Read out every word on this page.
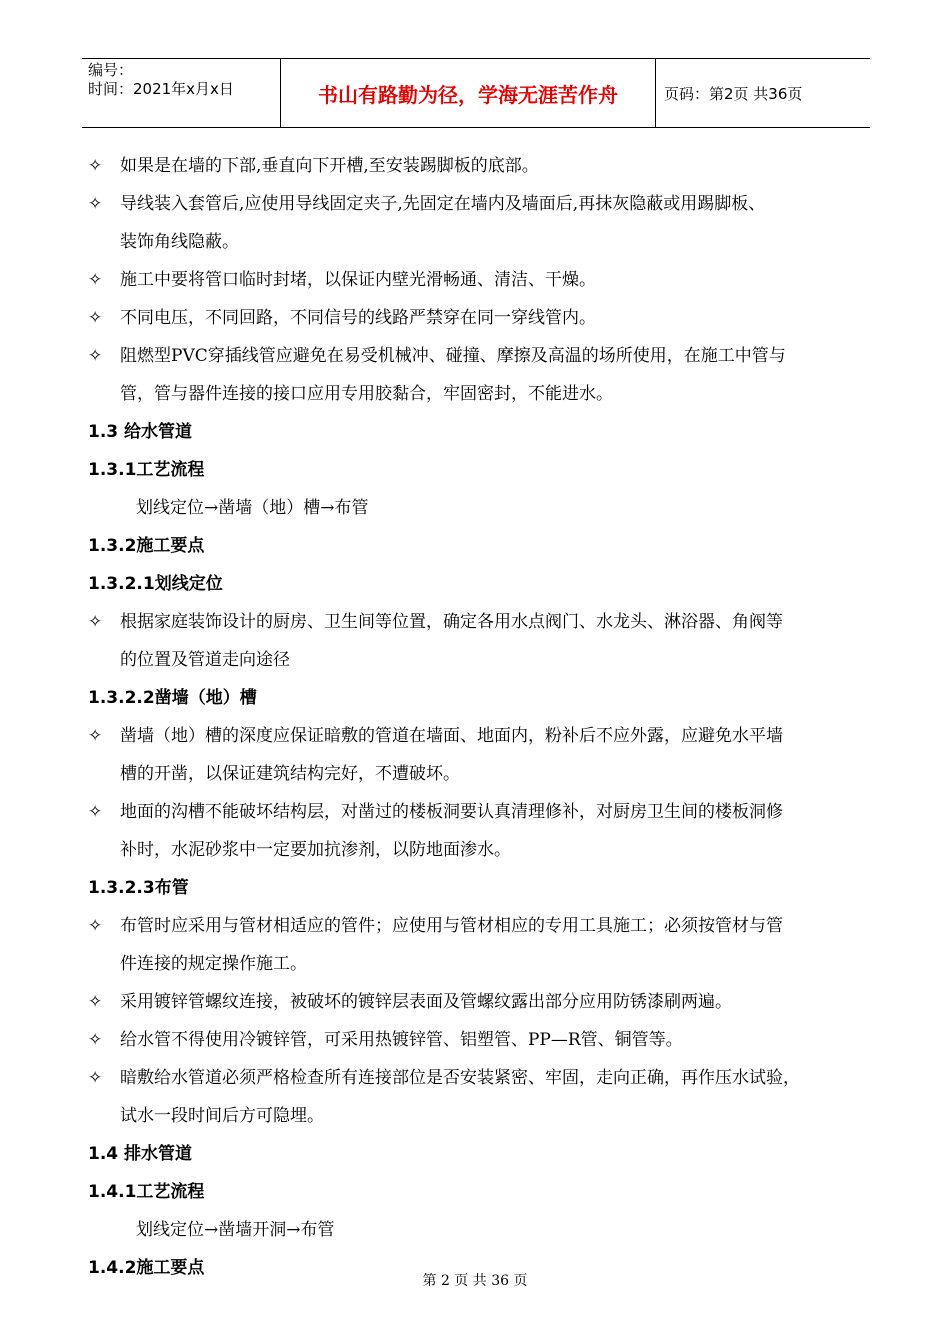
编号：
时间：2021年x月x日	书山有路勤为径，学海无涯苦作舟	页码：第2页 共36页
✧	如果是在墙的下部,垂直向下开槽,至安装踢脚板的底部。
✧	导线装入套管后,应使用导线固定夹子,先固定在墙内及墙面后,再抹灰隐蔽或用踢脚板、
装饰角线隐蔽。
✧	施工中要将管口临时封堵，以保证内壁光滑畅通、清洁、干燥。
✧	不同电压，不同回路，不同信号的线路严禁穿在同一穿线管内。
✧	阻燃型PVC穿插线管应避免在易受机械冲、碰撞、摩擦及高温的场所使用，在施工中管与
管，管与器件连接的接口应用专用胶黏合，牢固密封，不能进水。
1.3 给水管道
1.3.1工艺流程
划线定位→凿墙（地）槽→布管
1.3.2施工要点
1.3.2.1划线定位
✧	根据家庭装饰设计的厨房、卫生间等位置，确定各用水点阀门、水龙头、淋浴器、角阀等
的位置及管道走向途径
1.3.2.2凿墙（地）槽
✧	凿墙（地）槽的深度应保证暗敷的管道在墙面、地面内，粉补后不应外露，应避免水平墙
槽的开凿，以保证建筑结构完好，不遭破坏。
✧	地面的沟槽不能破坏结构层，对凿过的楼板洞要认真清理修补，对厨房卫生间的楼板洞修
补时，水泥砂浆中一定要加抗渗剂，以防地面渗水。
1.3.2.3布管
✧	布管时应采用与管材相适应的管件；应使用与管材相应的专用工具施工；必须按管材与管
件连接的规定操作施工。
✧	采用镀锌管螺纹连接，被破坏的镀锌层表面及管螺纹露出部分应用防锈漆刷两遍。
✧	给水管不得使用冷镀锌管，可采用热镀锌管、铝塑管、PP—R管、铜管等。
✧	暗敷给水管道必须严格检查所有连接部位是否安装紧密、牢固，走向正确，再作压水试验，
试水一段时间后方可隐埋。
1.4 排水管道
1.4.1工艺流程
划线定位→凿墙开洞→布管
1.4.2施工要点
第 2 页 共 36 页
